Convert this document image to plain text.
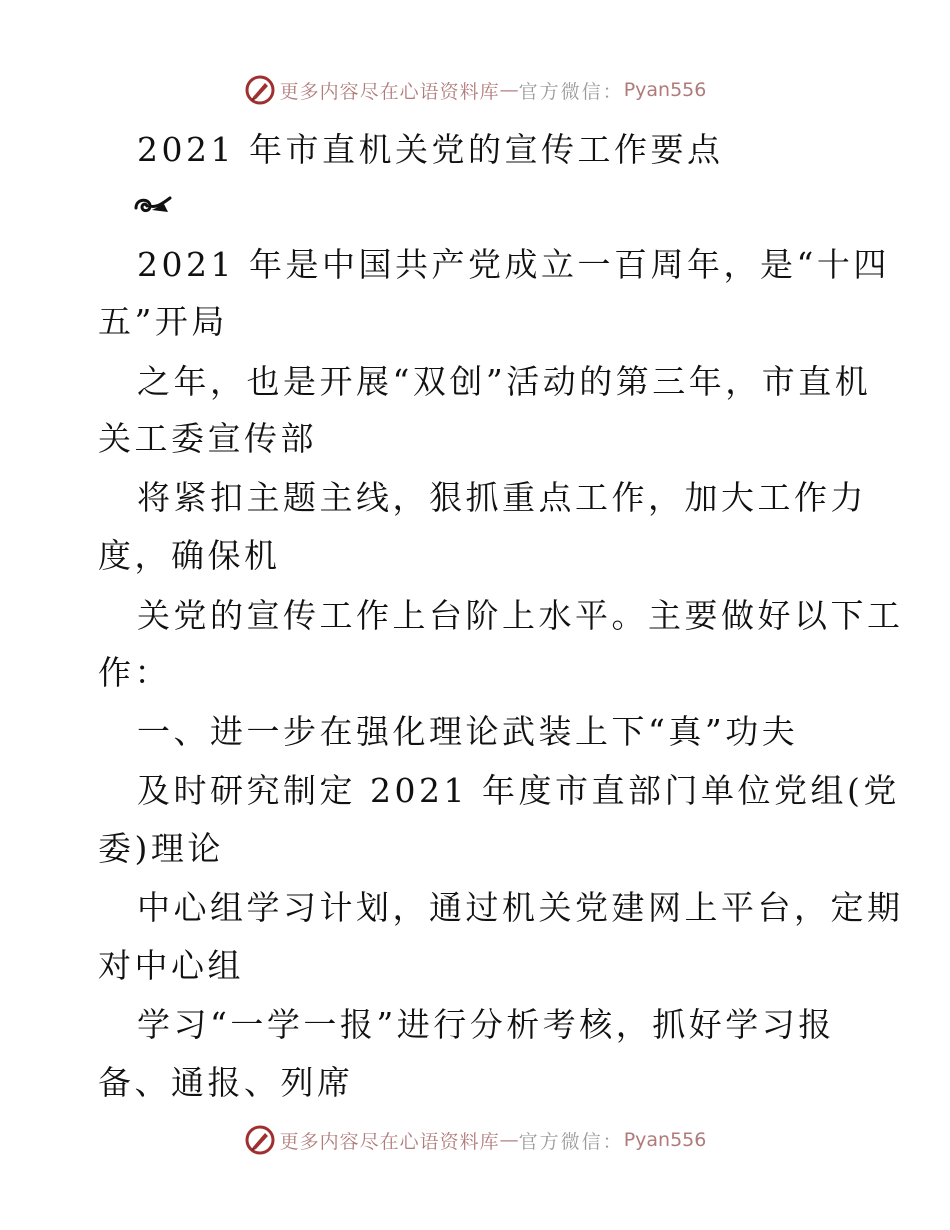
更多内容尽在心语资料库 — 官方微信： Pyan556
2021 年市直机关党的宣传工作要点
2021 年是中国共产党成立一百周年，是“十四
五”开局
之年，也是开展“双创”活动的第三年，市直机
关工委宣传部
将紧扣主题主线，狠抓重点工作，加大工作力
度，确保机
关党的宣传工作上台阶上水平。主要做好以下工
作：
一、进一步在强化理论武装上下“真”功夫
及时研究制定 2021 年度市直部门单位党组(党
委)理论
中心组学习计划，通过机关党建网上平台，定期
对中心组
学习“一学一报”进行分析考核，抓好学习报
备、通报、列席
更多内容尽在心语资料库 — 官方微信： Pyan556
